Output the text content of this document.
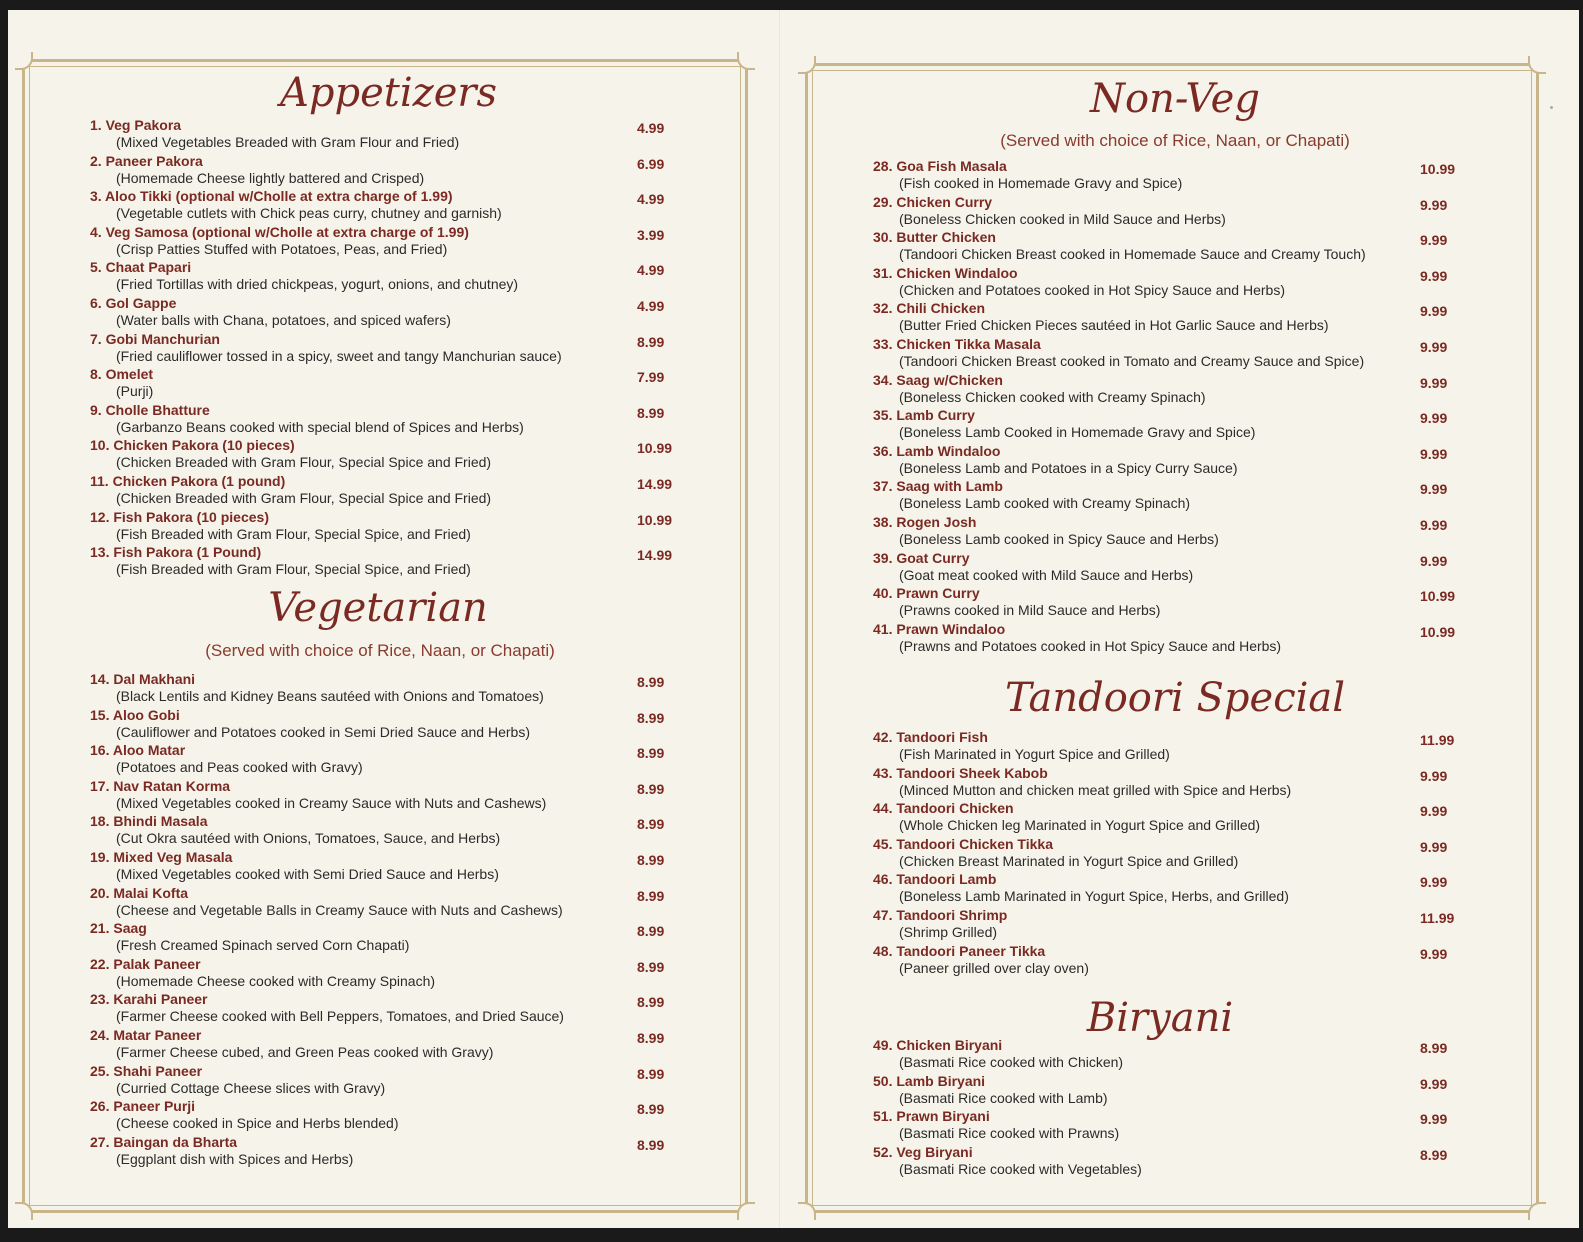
Appetizers
1. Veg Pakora
(Mixed Vegetables Breaded with Gram Flour and Fried)
4.99
2. Paneer Pakora
(Homemade Cheese lightly battered and Crisped)
6.99
3. Aloo Tikki (optional w/Cholle at extra charge of 1.99)
(Vegetable cutlets with Chick peas curry, chutney and garnish)
4.99
4. Veg Samosa (optional w/Cholle at extra charge of 1.99)
(Crisp Patties Stuffed with Potatoes, Peas, and Fried)
3.99
5. Chaat Papari
(Fried Tortillas with dried chickpeas, yogurt, onions, and chutney)
4.99
6. Gol Gappe
(Water balls with Chana, potatoes, and spiced wafers)
4.99
7. Gobi Manchurian
(Fried cauliflower tossed in a spicy, sweet and tangy Manchurian sauce)
8.99
8. Omelet
(Purji)
7.99
9. Cholle Bhatture
(Garbanzo Beans cooked with special blend of Spices and Herbs)
8.99
10. Chicken Pakora (10 pieces)
(Chicken Breaded with Gram Flour, Special Spice and Fried)
10.99
11. Chicken Pakora (1 pound)
(Chicken Breaded with Gram Flour, Special Spice and Fried)
14.99
12. Fish Pakora (10 pieces)
(Fish Breaded with Gram Flour, Special Spice, and Fried)
10.99
13. Fish Pakora (1 Pound)
(Fish Breaded with Gram Flour, Special Spice, and Fried)
14.99
Vegetarian
(Served with choice of Rice, Naan, or Chapati)
14. Dal Makhani
(Black Lentils and Kidney Beans sautéed with Onions and Tomatoes)
8.99
15. Aloo Gobi
(Cauliflower and Potatoes cooked in Semi Dried Sauce and Herbs)
8.99
16. Aloo Matar
(Potatoes and Peas cooked with Gravy)
8.99
17. Nav Ratan Korma
(Mixed Vegetables cooked in Creamy Sauce with Nuts and Cashews)
8.99
18. Bhindi Masala
(Cut Okra sautéed with Onions, Tomatoes, Sauce, and Herbs)
8.99
19. Mixed Veg Masala
(Mixed Vegetables cooked with Semi Dried Sauce and Herbs)
8.99
20. Malai Kofta
(Cheese and Vegetable Balls in Creamy Sauce with Nuts and Cashews)
8.99
21. Saag
(Fresh Creamed Spinach served Corn Chapati)
8.99
22. Palak Paneer
(Homemade Cheese cooked with Creamy Spinach)
8.99
23. Karahi Paneer
(Farmer Cheese cooked with Bell Peppers, Tomatoes, and Dried Sauce)
8.99
24. Matar Paneer
(Farmer Cheese cubed, and Green Peas cooked with Gravy)
8.99
25. Shahi Paneer
(Curried Cottage Cheese slices with Gravy)
8.99
26. Paneer Purji
(Cheese cooked in Spice and Herbs blended)
8.99
27. Baingan da Bharta
(Eggplant dish with Spices and Herbs)
8.99
Non-Veg
(Served with choice of Rice, Naan, or Chapati)
28. Goa Fish Masala
(Fish cooked in Homemade Gravy and Spice)
10.99
29. Chicken Curry
(Boneless Chicken cooked in Mild Sauce and Herbs)
9.99
30. Butter Chicken
(Tandoori Chicken Breast cooked in Homemade Sauce and Creamy Touch)
9.99
31. Chicken Windaloo
(Chicken and Potatoes cooked in Hot Spicy Sauce and Herbs)
9.99
32. Chili Chicken
(Butter Fried Chicken Pieces sautéed in Hot Garlic Sauce and Herbs)
9.99
33. Chicken Tikka Masala
(Tandoori Chicken Breast cooked in Tomato and Creamy Sauce and Spice)
9.99
34. Saag w/Chicken
(Boneless Chicken cooked with Creamy Spinach)
9.99
35. Lamb Curry
(Boneless Lamb Cooked in Homemade Gravy and Spice)
9.99
36. Lamb Windaloo
(Boneless Lamb and Potatoes in a Spicy Curry Sauce)
9.99
37. Saag with Lamb
(Boneless Lamb cooked with Creamy Spinach)
9.99
38. Rogen Josh
(Boneless Lamb cooked in Spicy Sauce and Herbs)
9.99
39. Goat Curry
(Goat meat cooked with Mild Sauce and Herbs)
9.99
40. Prawn Curry
(Prawns cooked in Mild Sauce and Herbs)
10.99
41. Prawn Windaloo
(Prawns and Potatoes cooked in Hot Spicy Sauce and Herbs)
10.99
Tandoori Special
42. Tandoori Fish
(Fish Marinated in Yogurt Spice and Grilled)
11.99
43. Tandoori Sheek Kabob
(Minced Mutton and chicken meat grilled with Spice and Herbs)
9.99
44. Tandoori Chicken
(Whole Chicken leg Marinated in Yogurt Spice and Grilled)
9.99
45. Tandoori Chicken Tikka
(Chicken Breast Marinated in Yogurt Spice and Grilled)
9.99
46. Tandoori Lamb
(Boneless Lamb Marinated in Yogurt Spice, Herbs, and Grilled)
9.99
47. Tandoori Shrimp
(Shrimp Grilled)
11.99
48. Tandoori Paneer Tikka
(Paneer grilled over clay oven)
9.99
Biryani
49. Chicken Biryani
(Basmati Rice cooked with Chicken)
8.99
50. Lamb Biryani
(Basmati Rice cooked with Lamb)
9.99
51. Prawn Biryani
(Basmati Rice cooked with Prawns)
9.99
52. Veg Biryani
(Basmati Rice cooked with Vegetables)
8.99
